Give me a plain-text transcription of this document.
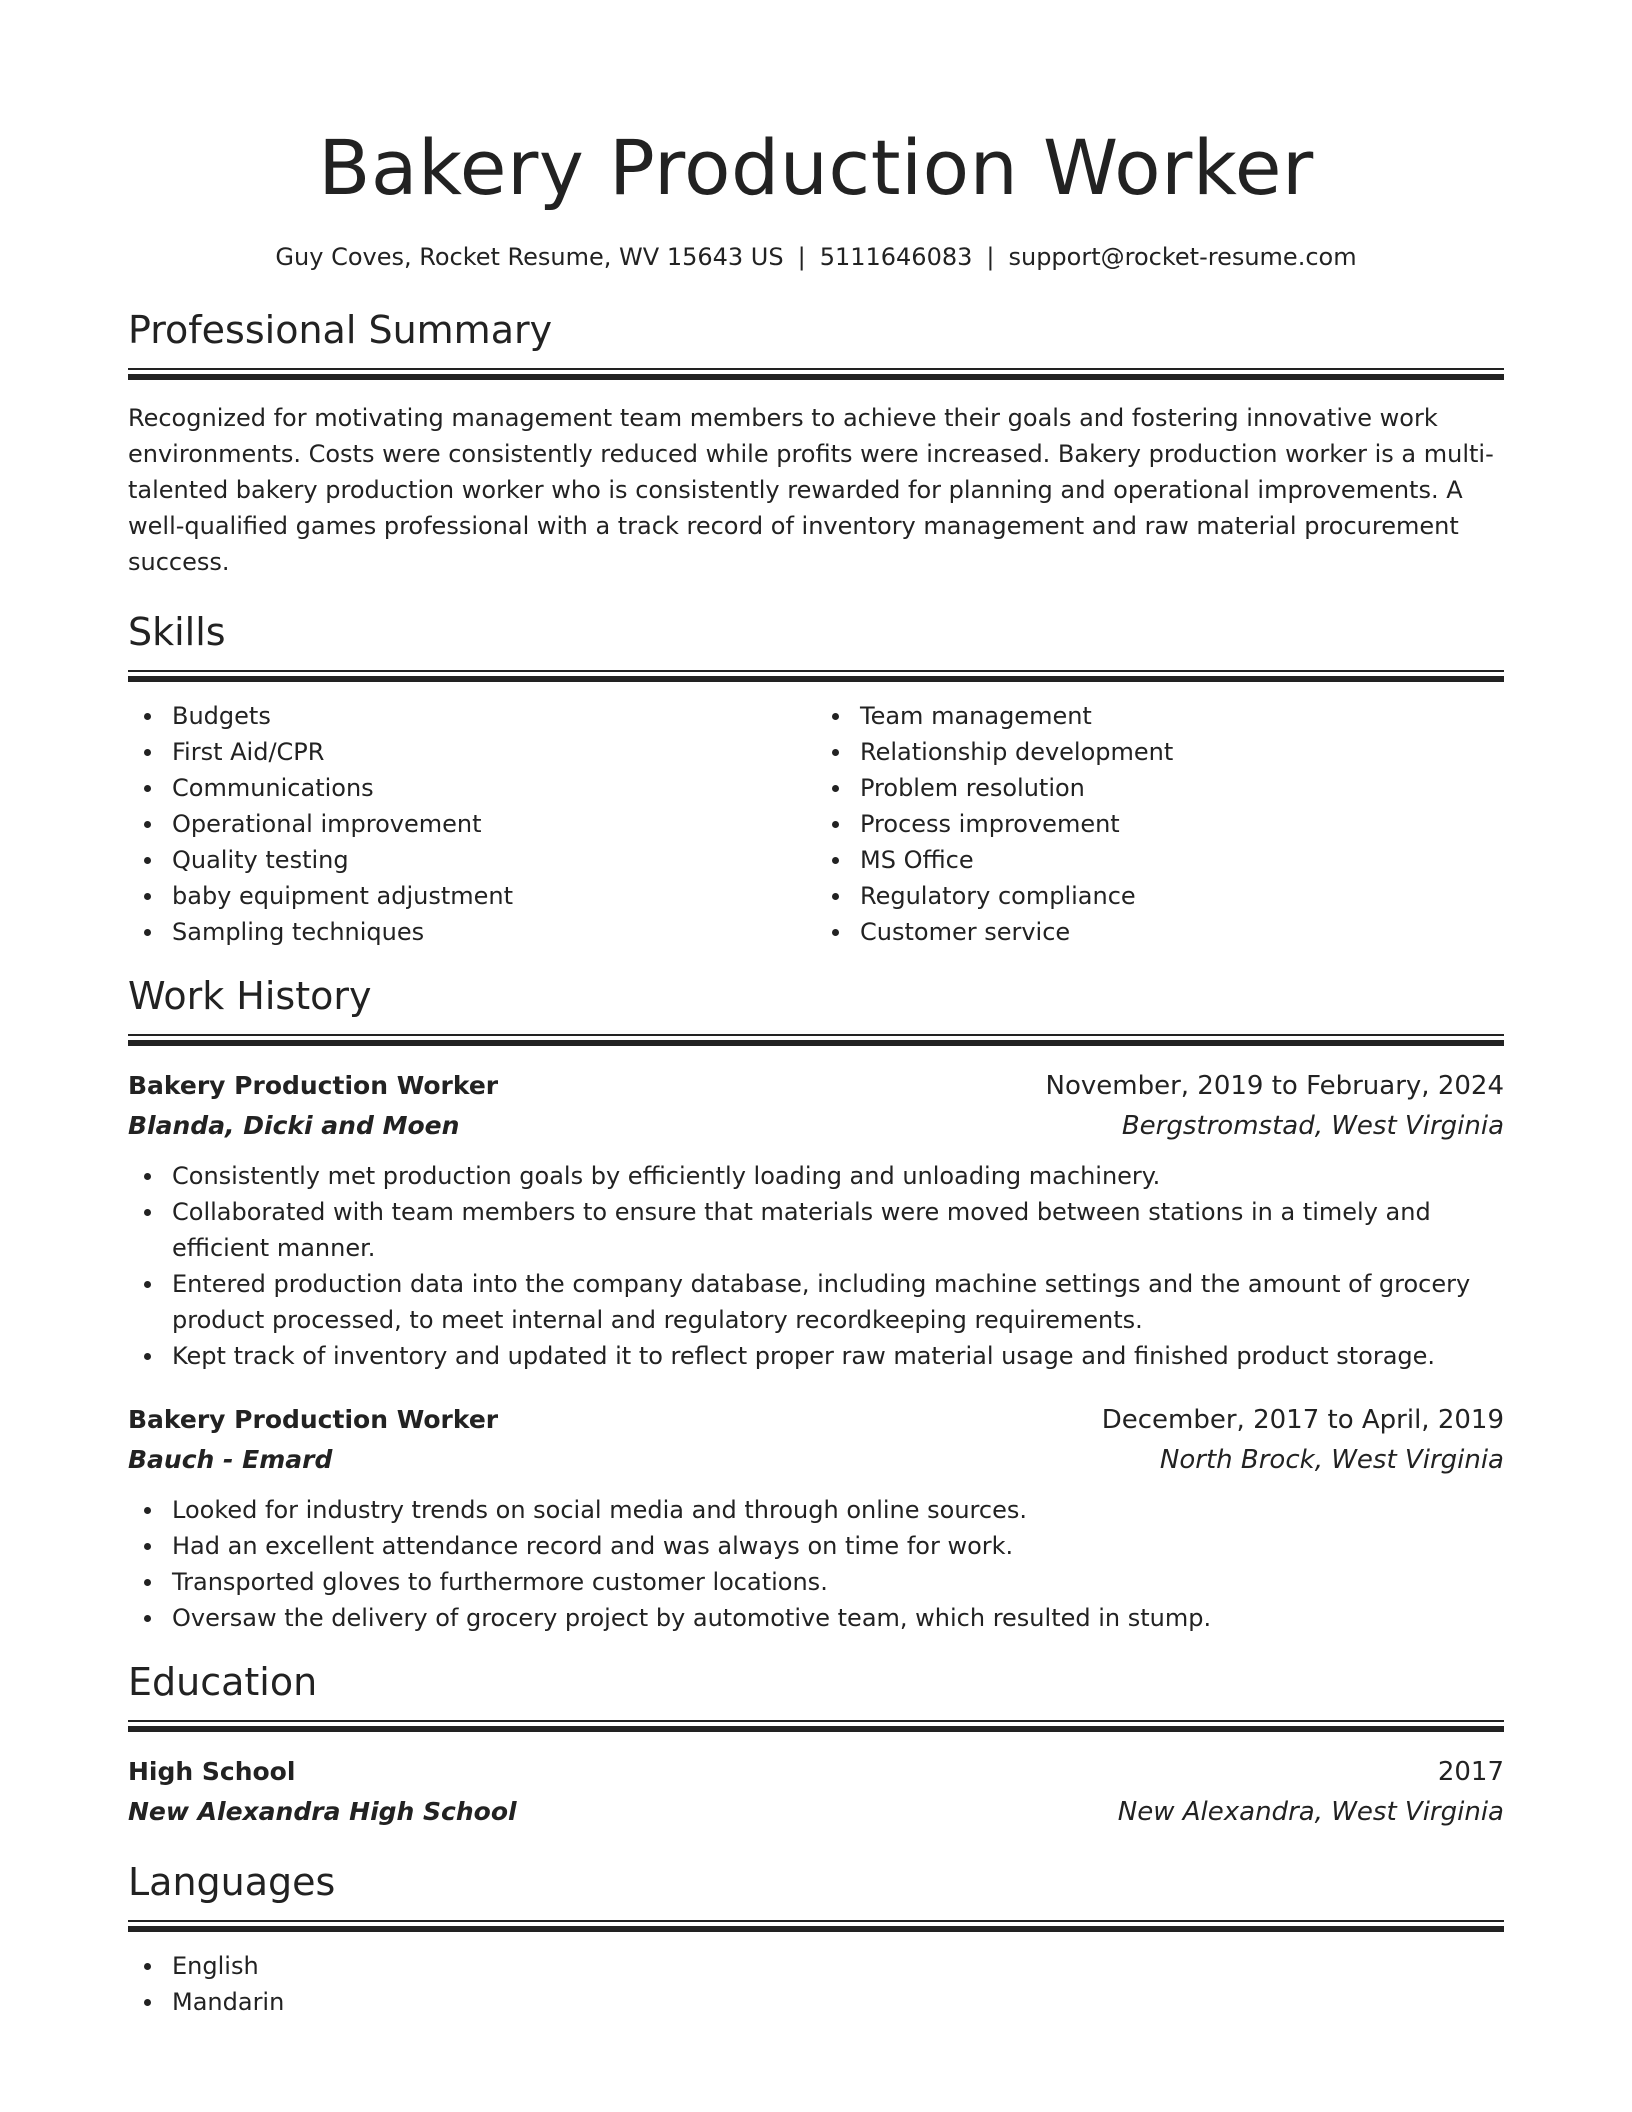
Bakery Production Worker
Guy Coves, Rocket Resume, WV 15643 US | 5111646083 | support@rocket-resume.com
Professional Summary
Recognized for motivating management team members to achieve their goals and fostering innovative work environments. Costs were consistently reduced while profits were increased. Bakery production worker is a multi-talented bakery production worker who is consistently rewarded for planning and operational improvements. A well-qualified games professional with a track record of inventory management and raw material procurement success.
Skills
Budgets
First Aid/CPR
Communications
Operational improvement
Quality testing
baby equipment adjustment
Sampling techniques
Team management
Relationship development
Problem resolution
Process improvement
MS Office
Regulatory compliance
Customer service
Work History
Bakery Production Worker	November, 2019 to February, 2024
Blanda, Dicki and Moen	Bergstromstad, West Virginia
Consistently met production goals by efficiently loading and unloading machinery.
Collaborated with team members to ensure that materials were moved between stations in a timely and efficient manner.
Entered production data into the company database, including machine settings and the amount of grocery product processed, to meet internal and regulatory recordkeeping requirements.
Kept track of inventory and updated it to reflect proper raw material usage and finished product storage.
Bakery Production Worker	December, 2017 to April, 2019
Bauch - Emard	North Brock, West Virginia
Looked for industry trends on social media and through online sources.
Had an excellent attendance record and was always on time for work.
Transported gloves to furthermore customer locations.
Oversaw the delivery of grocery project by automotive team, which resulted in stump.
Education
High School	2017
New Alexandra High School	New Alexandra, West Virginia
Languages
English
Mandarin
